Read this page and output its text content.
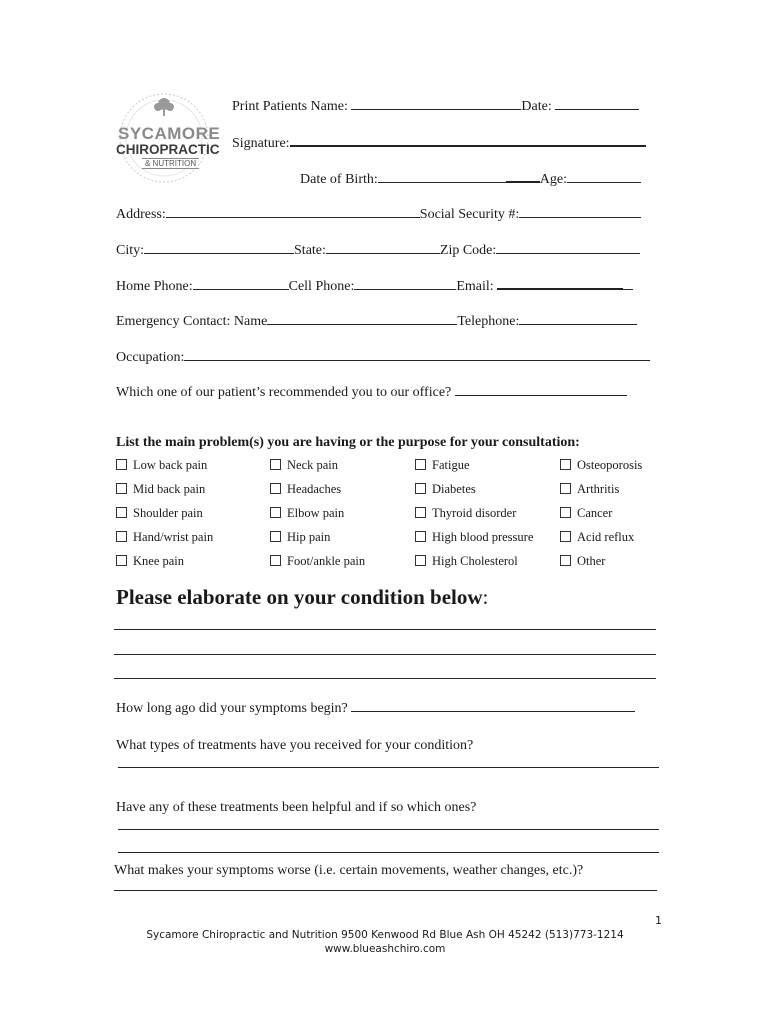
SYCAMORE
CHIROPRACTIC
& NUTRITION
Print Patients Name:	Date:
Signature:
Date of Birth:	Age:
Address:	Social Security #:
City:	State:	Zip Code:
Home Phone:	Cell Phone:	Email:
Emergency Contact: Name	Telephone:
Occupation:
Which one of our patient’s recommended you to our office?
List the main problem(s) you are having or the purpose for your consultation:
Low back pain	Neck pain	Fatigue	Osteoporosis
Mid back pain	Headaches	Diabetes	Arthritis
Shoulder pain	Elbow pain	Thyroid disorder	Cancer
Hand/wrist pain	Hip pain	High blood pressure	Acid reflux
Knee pain	Foot/ankle pain	High Cholesterol	Other
Please elaborate on your condition below:
How long ago did your symptoms begin?
What types of treatments have you received for your condition?
Have any of these treatments been helpful and if so which ones?
What makes your symptoms worse (i.e. certain movements, weather changes, etc.)?
1
Sycamore Chiropractic and Nutrition 9500 Kenwood Rd Blue Ash OH 45242 (513)773-1214
www.blueashchiro.com
